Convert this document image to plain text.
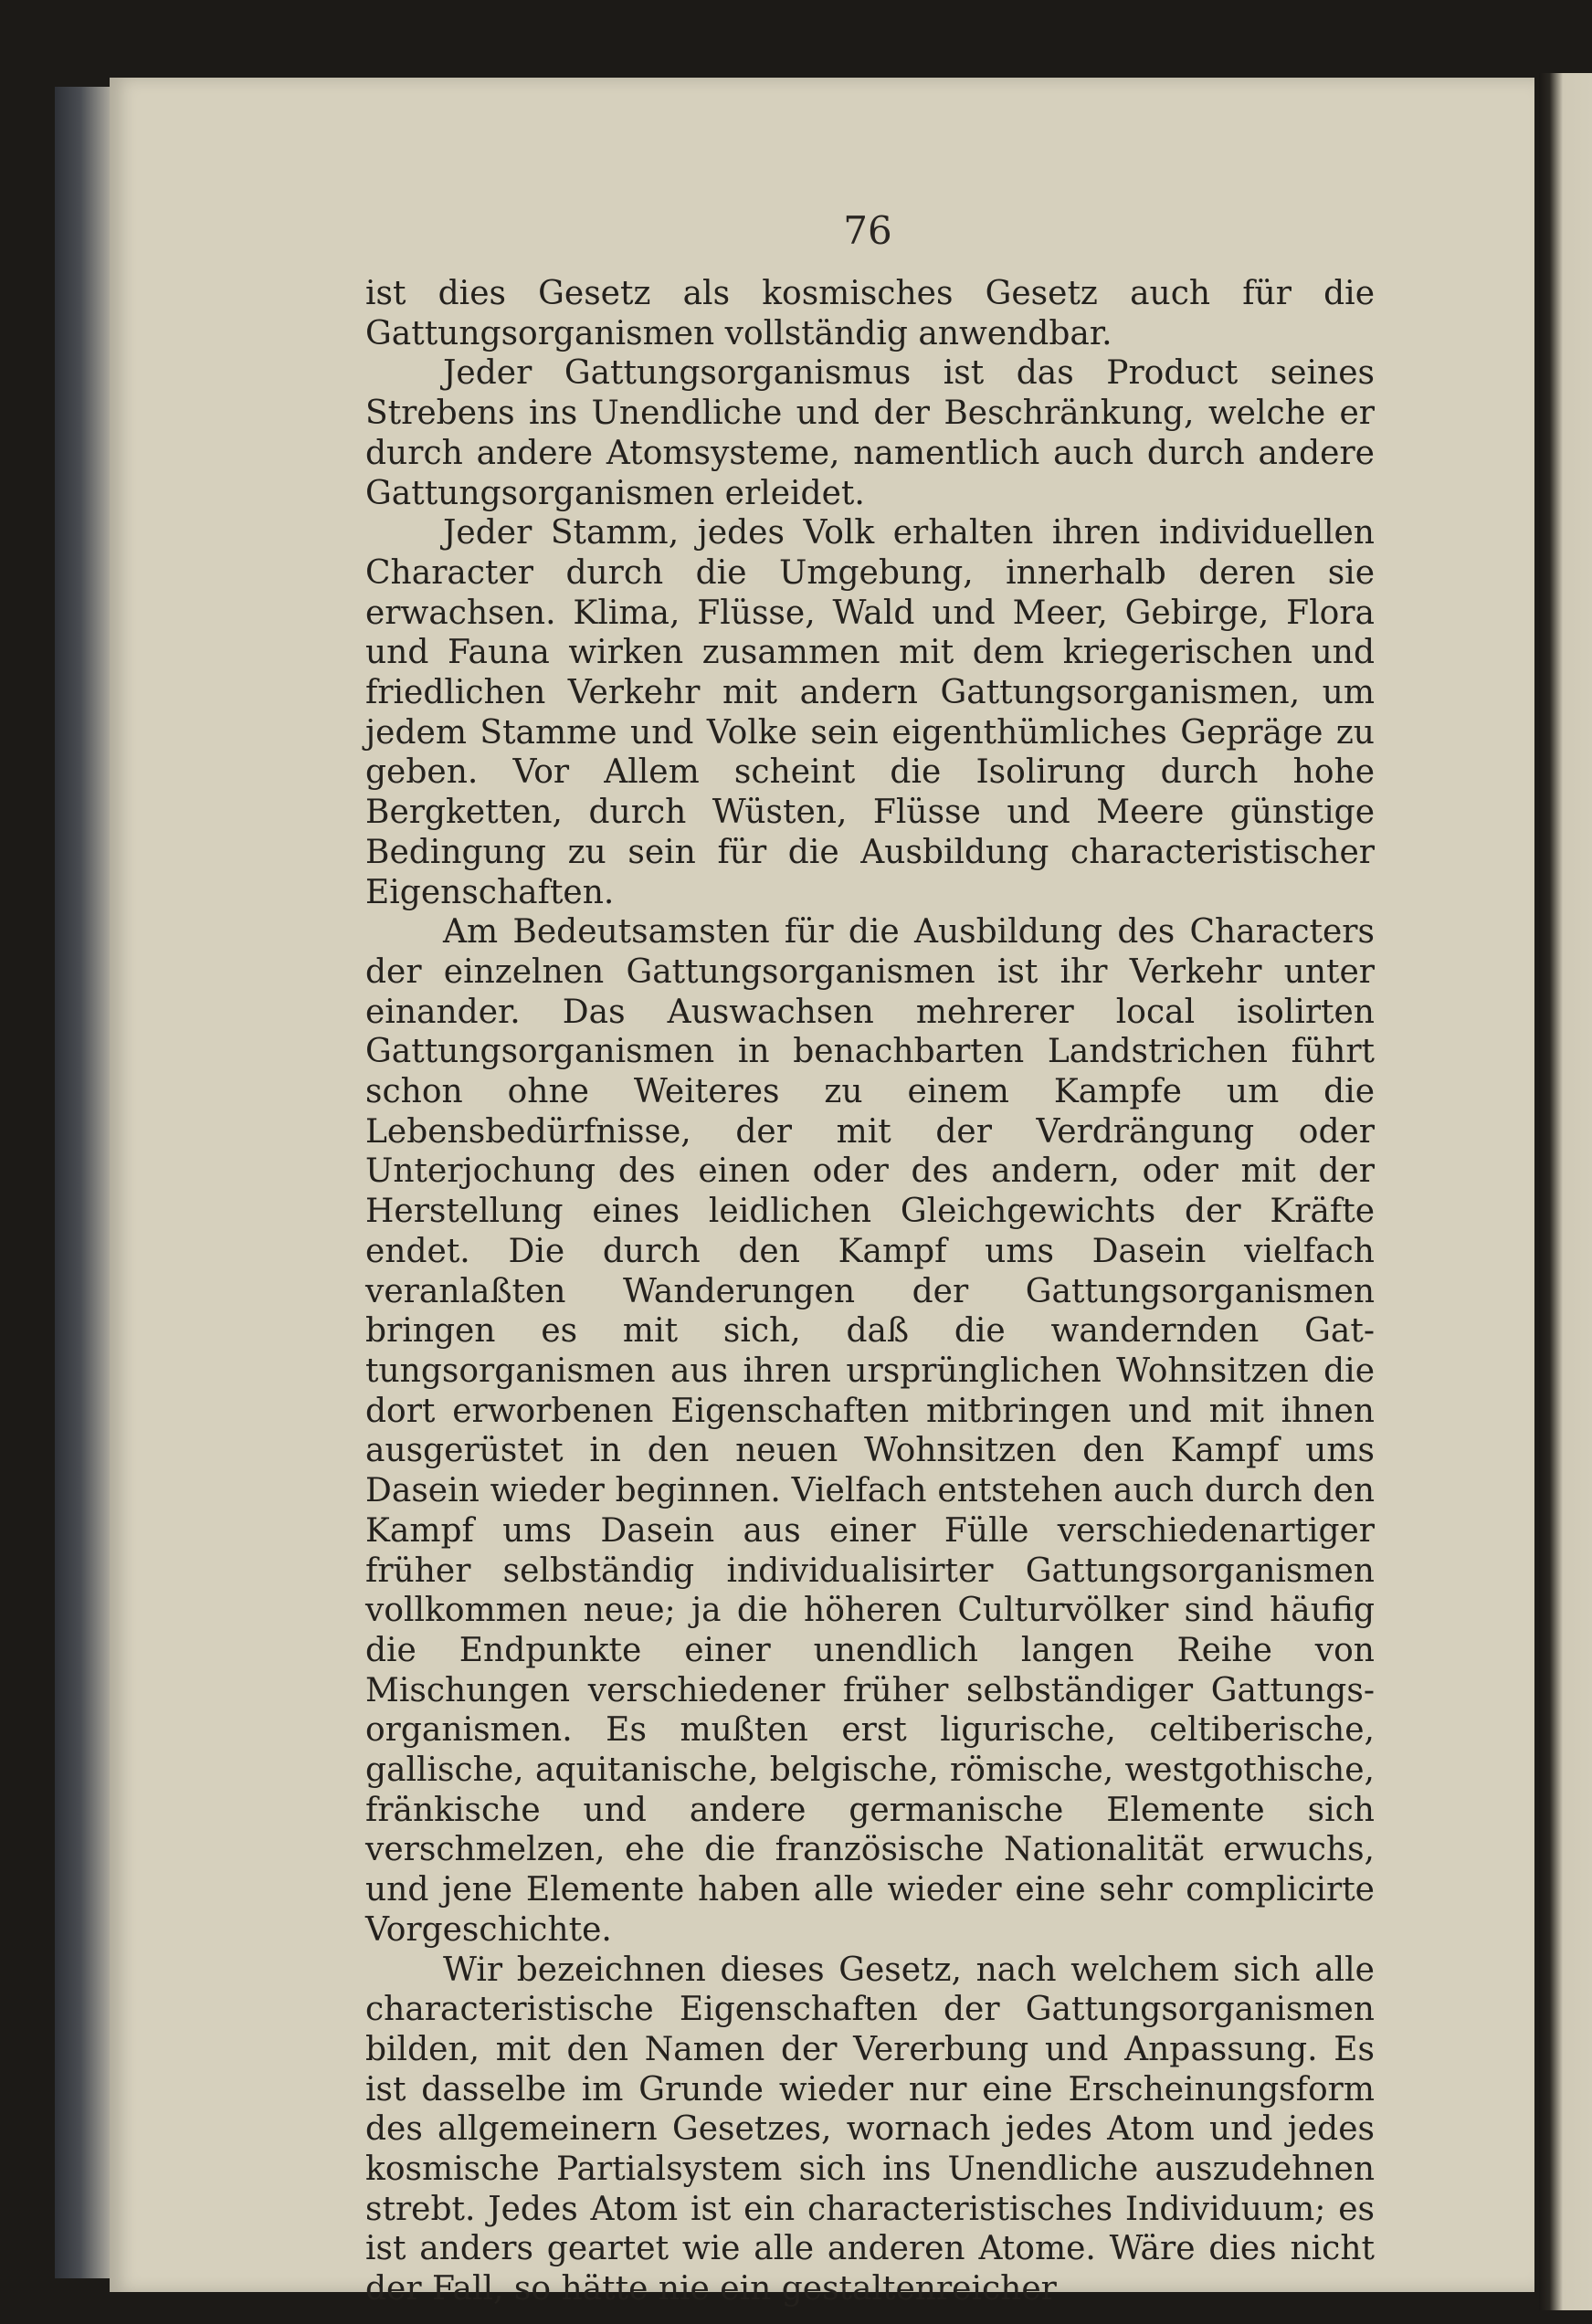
76

ist dies Gesetz als kosmisches Gesetz auch für die Gattungsorganismen vollständig anwendbar.

Jeder Gattungsorganismus ist das Product seines Strebens ins Unendliche und der Beschränkung, welche er durch andere Atomsysteme, namentlich auch durch andere Gattungsorganismen erleidet.

Jeder Stamm, jedes Volk erhalten ihren individuellen Character durch die Umgebung, innerhalb deren sie erwachsen. Klima, Flüsse, Wald und Meer, Gebirge, Flora und Fauna wirken zusammen mit dem kriegerischen und friedlichen Verkehr mit andern Gattungsorganismen, um jedem Stamme und Volke sein eigenthümliches Gepräge zu geben. Vor Allem scheint die Isolirung durch hohe Bergketten, durch Wüsten, Flüsse und Meere günstige Bedingung zu sein für die Ausbildung characteristischer Eigenschaften.

Am Bedeutsamsten für die Ausbildung des Characters der einzelnen Gattungsorganismen ist ihr Verkehr unter einander. Das Auswachsen mehrerer local isolirten Gattungsorganismen in benachbarten Landstrichen führt schon ohne Weiteres zu einem Kampfe um die Lebensbedürfnisse, der mit der Verdrängung oder Unterjochung des einen oder des andern, oder mit der Herstellung eines leidlichen Gleichgewichts der Kräfte endet. Die durch den Kampf ums Dasein vielfach veranlaßten Wanderungen der Gattungsorganismen bringen es mit sich, daß die wandernden Gattungsorganismen aus ihren ursprünglichen Wohnsitzen die dort erworbenen Eigenschaften mitbringen und mit ihnen ausgerüstet in den neuen Wohnsitzen den Kampf ums Dasein wieder beginnen. Vielfach entstehen auch durch den Kampf ums Dasein aus einer Fülle verschiedenartiger früher selbständig individualisirter Gattungsorganismen vollkommen neue; ja die höheren Culturvölker sind häufig die Endpunkte einer unendlich langen Reihe von Mischungen verschiedener früher selbständiger Gattungsorganismen. Es mußten erst ligurische, celtiberische, gallische, aquitanische, belgische, römische, westgothische, fränkische und andere germanische Elemente sich verschmelzen, ehe die französische Nationalität erwuchs, und jene Elemente haben alle wieder eine sehr complicirte Vorgeschichte.

Wir bezeichnen dieses Gesetz, nach welchem sich alle characteristische Eigenschaften der Gattungsorganismen bilden, mit den Namen der Vererbung und Anpassung. Es ist dasselbe im Grunde wieder nur eine Erscheinungsform des allgemeinern Gesetzes, wornach jedes Atom und jedes kosmische Partialsystem sich ins Unendliche auszudehnen strebt. Jedes Atom ist ein characteristisches Individuum; es ist anders geartet wie alle anderen Atome. Wäre dies nicht der Fall, so hätte nie ein gestaltenreicher
